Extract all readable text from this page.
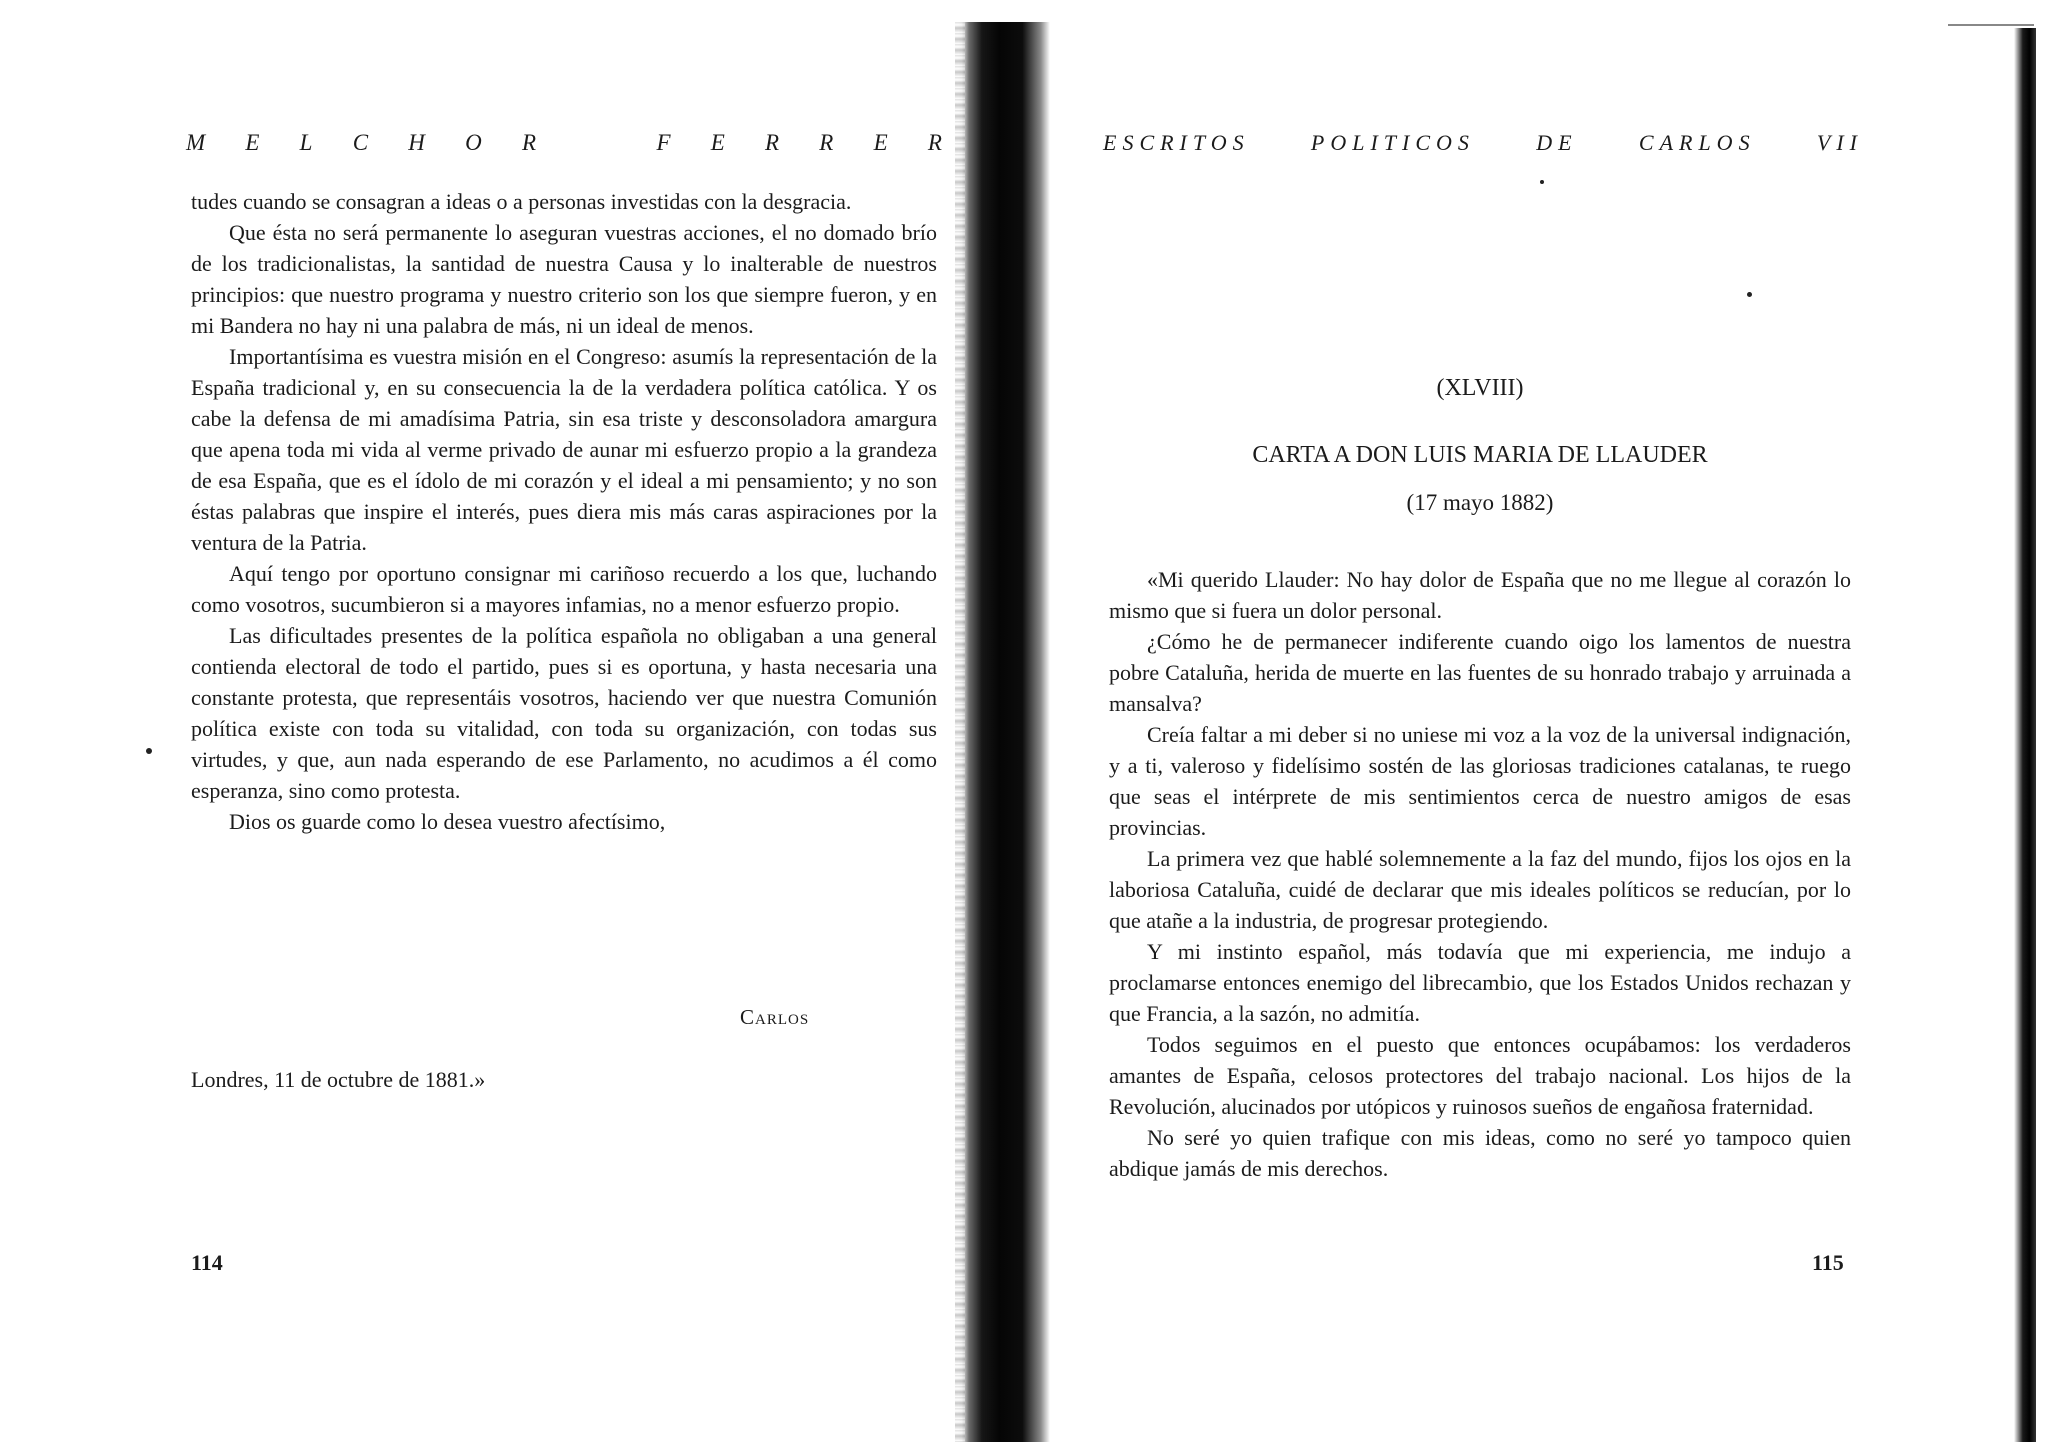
M E L C H O R	F E R R E R

tudes cuando se consagran a ideas o a personas investidas con la desgracia.

Que ésta no será permanente lo aseguran vuestras acciones, el no domado brío de los tradicionalistas, la santidad de nuestra Causa y lo inalterable de nuestros principios: que nuestro programa y nuestro criterio son los que siempre fueron, y en mi Bandera no hay ni una palabra de más, ni un ideal de menos.

Importantísima es vuestra misión en el Congreso: asumís la representación de la España tradicional y, en su consecuencia la de la verdadera política católica. Y os cabe la defensa de mi amadísima Patria, sin esa triste y desconsoladora amargura que apena toda mi vida al verme privado de aunar mi esfuerzo propio a la grandeza de esa España, que es el ídolo de mi corazón y el ideal a mi pensamiento; y no son éstas palabras que inspire el interés, pues diera mis más caras aspiraciones por la ventura de la Patria.

Aquí tengo por oportuno consignar mi cariñoso recuerdo a los que, luchando como vosotros, sucumbieron si a mayores infamias, no a menor esfuerzo propio.

Las dificultades presentes de la política española no obligaban a una general contienda electoral de todo el partido, pues si es oportuna, y hasta necesaria una constante protesta, que representáis vosotros, haciendo ver que nuestra Comunión política existe con toda su vitalidad, con toda su organización, con todas sus virtudes, y que, aun nada esperando de ese Parlamento, no acudimos a él como esperanza, sino como protesta.

Dios os guarde como lo desea vuestro afectísimo,

Carlos
Londres, 11 de octubre de 1881.»
114
ESCRITOS	POLITICOS	DE	CARLOS	VII
(XLVIII)
CARTA A DON LUIS MARIA DE LLAUDER
(17 mayo 1882)

«Mi querido Llauder: No hay dolor de España que no me llegue al corazón lo mismo que si fuera un dolor personal.

¿Cómo he de permanecer indiferente cuando oigo los lamentos de nuestra pobre Cataluña, herida de muerte en las fuentes de su honrado trabajo y arruinada a mansalva?

Creía faltar a mi deber si no uniese mi voz a la voz de la universal indignación, y a ti, valeroso y fidelísimo sostén de las gloriosas tradiciones catalanas, te ruego que seas el intérprete de mis sentimientos cerca de nuestro amigos de esas provincias.

La primera vez que hablé solemnemente a la faz del mundo, fijos los ojos en la laboriosa Cataluña, cuidé de declarar que mis ideales políticos se reducían, por lo que atañe a la industria, de progresar protegiendo.

Y mi instinto español, más todavía que mi experiencia, me indujo a proclamarse entonces enemigo del librecambio, que los Estados Unidos rechazan y que Francia, a la sazón, no admitía.

Todos seguimos en el puesto que entonces ocupábamos: los verdaderos amantes de España, celosos protectores del trabajo nacional. Los hijos de la Revolución, alucinados por utópicos y ruinosos sueños de engañosa fraternidad.

No seré yo quien trafique con mis ideas, como no seré yo tampoco quien abdique jamás de mis derechos.

115
